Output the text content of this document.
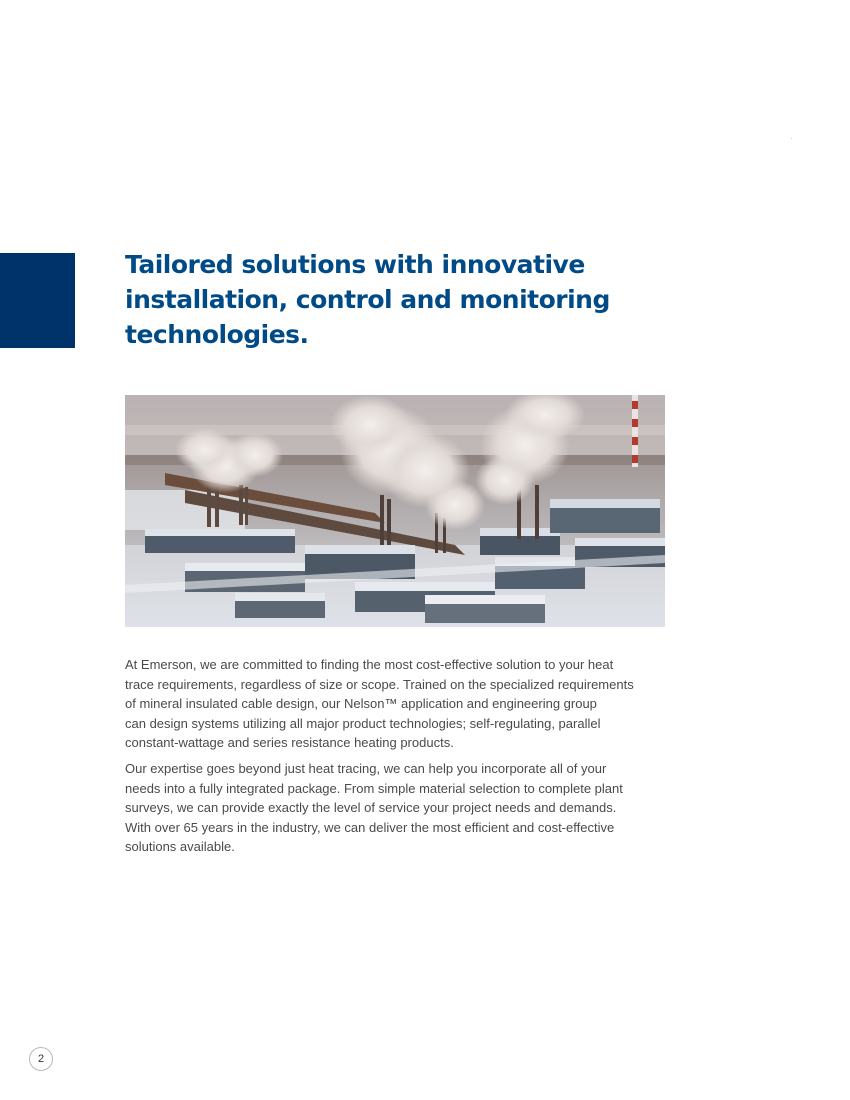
Tailored solutions with innovative
installation, control and monitoring
technologies.

At Emerson, we are committed to finding the most cost-effective solution to your heat
trace requirements, regardless of size or scope. Trained on the specialized requirements
of mineral insulated cable design, our Nelson™ application and engineering group
can design systems utilizing all major product technologies; self-regulating, parallel
constant-wattage and series resistance heating products.

Our expertise goes beyond just heat tracing, we can help you incorporate all of your
needs into a fully integrated package. From simple material selection to complete plant
surveys, we can provide exactly the level of service your project needs and demands.
With over 65 years in the industry, we can deliver the most efficient and cost-effective
solutions available.

2
